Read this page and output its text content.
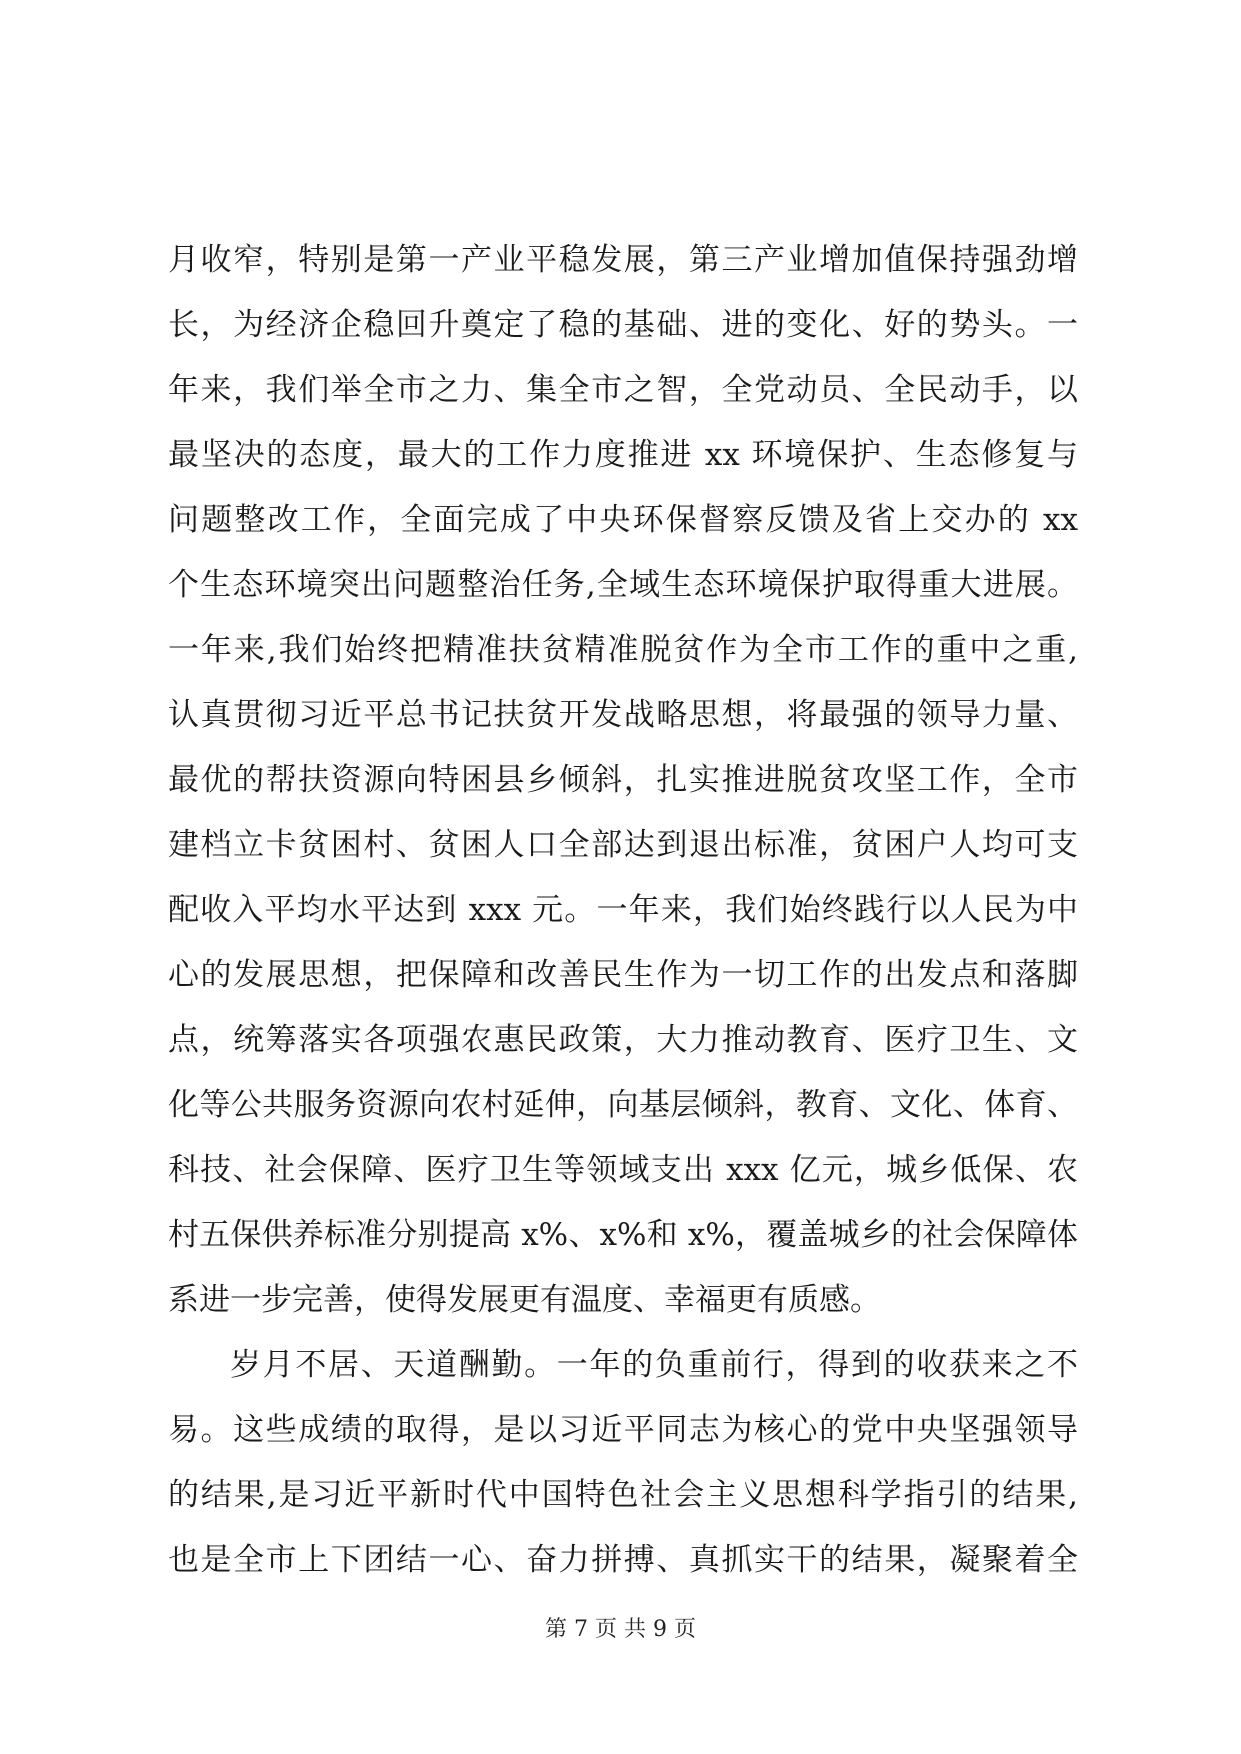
月收窄，特别是第一产业平稳发展，第三产业增加值保持强劲增
长，为经济企稳回升奠定了稳的基础、进的变化、好的势头。一
年来，我们举全市之力、集全市之智，全党动员、全民动手，以
最坚决的态度，最大的工作力度推进 xx 环境保护、生态修复与
问题整改工作，全面完成了中央环保督察反馈及省上交办的 xx
个生态环境突出问题整治任务,全域生态环境保护取得重大进展。
一年来,我们始终把精准扶贫精准脱贫作为全市工作的重中之重,
认真贯彻习近平总书记扶贫开发战略思想，将最强的领导力量、
最优的帮扶资源向特困县乡倾斜，扎实推进脱贫攻坚工作，全市
建档立卡贫困村、贫困人口全部达到退出标准，贫困户人均可支
配收入平均水平达到 xxx 元。一年来，我们始终践行以人民为中
心的发展思想，把保障和改善民生作为一切工作的出发点和落脚
点，统筹落实各项强农惠民政策，大力推动教育、医疗卫生、文
化等公共服务资源向农村延伸，向基层倾斜，教育、文化、体育、
科技、社会保障、医疗卫生等领域支出 xxx 亿元，城乡低保、农
村五保供养标准分别提高 x%、x%和 x%，覆盖城乡的社会保障体
系进一步完善，使得发展更有温度、幸福更有质感。
岁月不居、天道酬勤。一年的负重前行，得到的收获来之不
易。这些成绩的取得，是以习近平同志为核心的党中央坚强领导
的结果,是习近平新时代中国特色社会主义思想科学指引的结果,
也是全市上下团结一心、奋力拼搏、真抓实干的结果，凝聚着全
第 7 页 共 9 页
